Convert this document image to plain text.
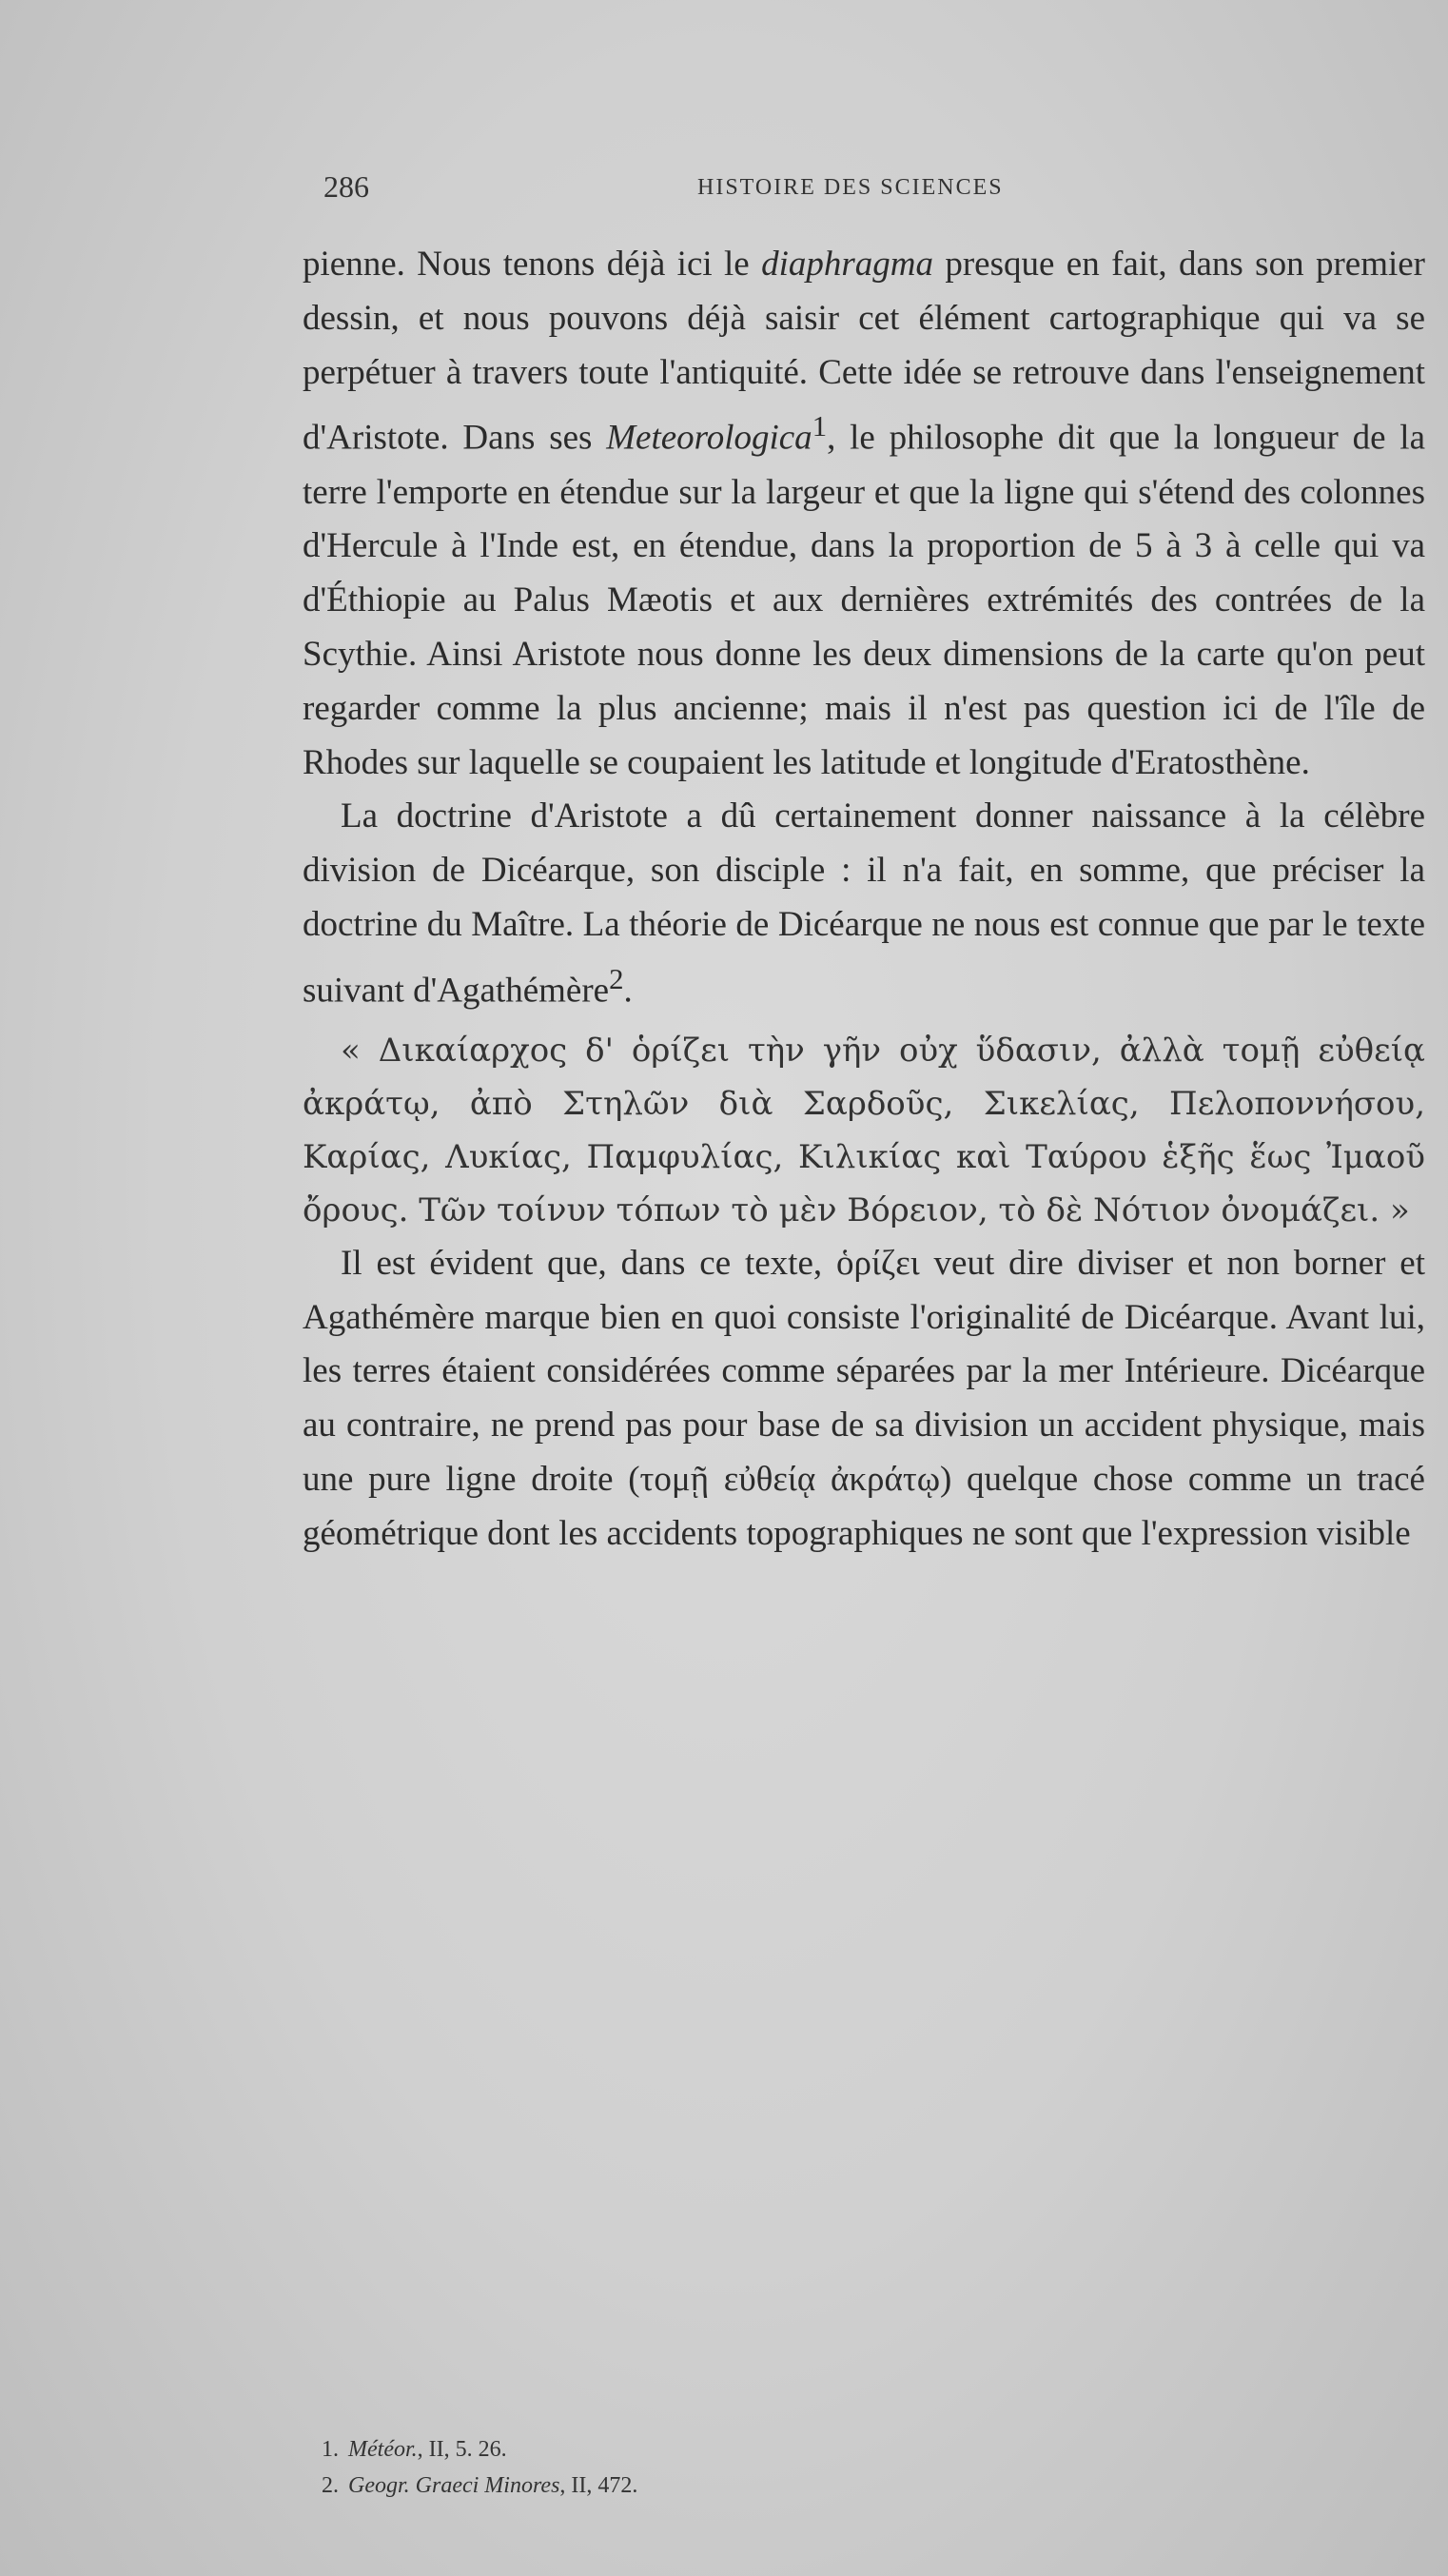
286	HISTOIRE DES SCIENCES

pienne. Nous tenons déjà ici le diaphragma presque en fait, dans son premier dessin, et nous pouvons déjà saisir cet élément cartographique qui va se perpétuer à travers toute l'antiquité. Cette idée se retrouve dans l'enseignement d'Aristote. Dans ses Meteorologica$^1$, le philosophe dit que la longueur de la terre l'emporte en étendue sur la largeur et que la ligne qui s'étend des colonnes d'Hercule à l'Inde est, en étendue, dans la proportion de 5 à 3 à celle qui va d'Éthiopie au Palus Mæotis et aux dernières extrémités des contrées de la Scythie. Ainsi Aristote nous donne les deux dimensions de la carte qu'on peut regarder comme la plus ancienne; mais il n'est pas question ici de l'île de Rhodes sur laquelle se coupaient les latitude et longitude d'Eratosthène.

La doctrine d'Aristote a dû certainement donner naissance à la célèbre division de Dicéarque, son disciple : il n'a fait, en somme, que préciser la doctrine du Maître. La théorie de Dicéarque ne nous est connue que par le texte suivant d'Agathémère$^2$.

« Δικαίαρχος δ' ὁρίζει τὴν γῆν οὐχ ὕδασιν, ἀλλὰ τομῇ εὐθείᾳ ἀκράτῳ, ἀπὸ Στηλῶν διὰ Σαρδοῦς, Σικελίας, Πελοποννήσου, Καρίας, Λυκίας, Παμφυλίας, Κιλικίας καὶ Ταύρου ἑξῆς ἕως Ἰμαοῦ ὄρους. Τῶν τοίνυν τόπων τὸ μὲν Βόρειον, τὸ δὲ Νότιον ὀνομάζει. »

Il est évident que, dans ce texte, ὁρίζει veut dire diviser et non borner et Agathémère marque bien en quoi consiste l'originalité de Dicéarque. Avant lui, les terres étaient considérées comme séparées par la mer Intérieure. Dicéarque au contraire, ne prend pas pour base de sa division un accident physique, mais une pure ligne droite (τομῇ εὐθείᾳ ἀκράτῳ) quelque chose comme un tracé géométrique dont les accidents topographiques ne sont que l'expression visible

1. Météor., II, 5. 26.
2. Geogr. Graeci Minores, II, 472.
